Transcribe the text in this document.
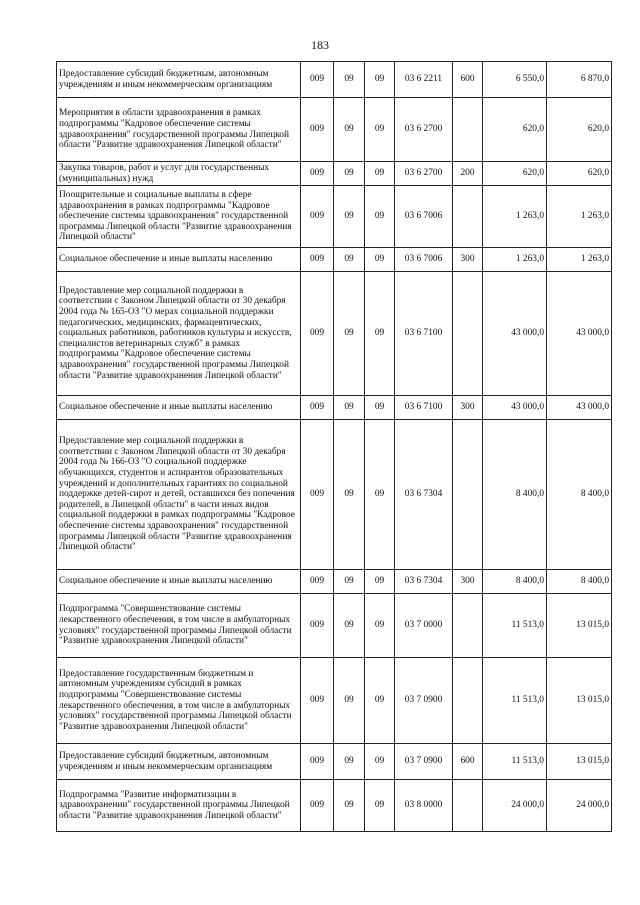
183
Предоставление субсидий бюджетным, автономным учреждениям и иным некоммерческим организациям	009	09	09	03 6 2211	600	6 550,0	6 870,0
Мероприятия в области здравоохранения в рамках подпрограммы "Кадровое обеспечение системы здравоохранения" государственной программы Липецкой области "Развитие здравоохранения Липецкой области"	009	09	09	03 6 2700		620,0	620,0
Закупка товаров, работ и услуг для государственных (муниципальных) нужд	009	09	09	03 6 2700	200	620,0	620,0
Поощрительные и социальные выплаты в сфере здравоохранения в рамках подпрограммы "Кадровое обеспечение системы здравоохранения" государственной программы Липецкой области "Развитие здравоохранения Липецкой области"	009	09	09	03 6 7006		1 263,0	1 263,0
Социальное обеспечение и иные выплаты населению	009	09	09	03 6 7006	300	1 263,0	1 263,0
Предоставление мер социальной поддержки в соответствии с Законом Липецкой области от 30 декабря 2004 года № 165-ОЗ "О мерах социальной поддержки педагогических, медицинских, фармацевтических, социальных работников, работников культуры и искусств, специалистов ветеринарных служб" в рамках подпрограммы "Кадровое обеспечение системы здравоохранения" государственной программы Липецкой области "Развитие здравоохранения Липецкой области"	009	09	09	03 6 7100		43 000,0	43 000,0
Социальное обеспечение и иные выплаты населению	009	09	09	03 6 7100	300	43 000,0	43 000,0
Предоставление мер социальной поддержки в соответствии с Законом Липецкой области от 30 декабря 2004 года № 166-ОЗ "О социальной поддержке обучающихся, студентов и аспирантов образовательных учреждений и дополнительных гарантиях по социальной поддержке детей-сирот и детей, оставшихся без попечения родителей, в Липецкой области" в части иных видов социальной поддержки в рамках подпрограммы "Кадровое обеспечение системы здравоохранения" государственной программы Липецкой области "Развитие здравоохранения Липецкой области"	009	09	09	03 6 7304		8 400,0	8 400,0
Социальное обеспечение и иные выплаты населению	009	09	09	03 6 7304	300	8 400,0	8 400,0
Подпрограмма "Совершенствование системы лекарственного обеспечения, в том числе в амбулаторных условиях" государственной программы Липецкой области "Развитие здравоохранения Липецкой области"	009	09	09	03 7 0000		11 513,0	13 015,0
Предоставление государственным бюджетным и автономным учреждениям субсидий в рамках подпрограммы "Совершенствование системы лекарственного обеспечения, в том числе в амбулаторных условиях" государственной программы Липецкой области "Развитие здравоохранения Липецкой области"	009	09	09	03 7 0900		11 513,0	13 015,0
Предоставление субсидий бюджетным, автономным учреждениям и иным некоммерческим организациям	009	09	09	03 7 0900	600	11 513,0	13 015,0
Подпрограмма "Развитие информатизации в здравоохранении" государственной программы Липецкой области "Развитие здравоохранения Липецкой области"	009	09	09	03 8 0000		24 000,0	24 000,0
